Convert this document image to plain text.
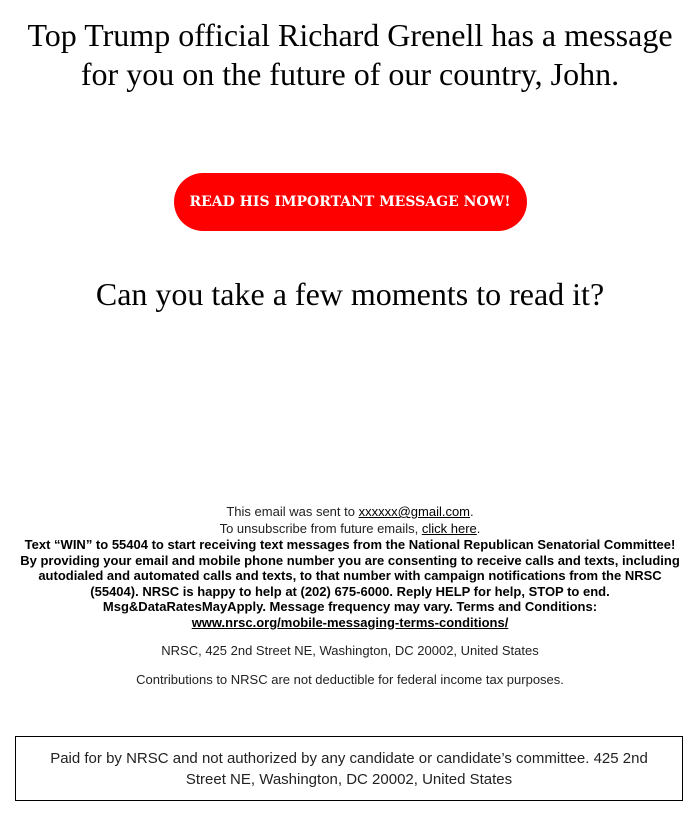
Top Trump official Richard Grenell has a message for you on the future of our country, John.
READ HIS IMPORTANT MESSAGE NOW!
Can you take a few moments to read it?

This email was sent to xxxxxx@gmail.com.

To unsubscribe from future emails, click here.

Text “WIN” to 55404 to start receiving text messages from the National Republican Senatorial Committee! By providing your email and mobile phone number you are consenting to receive calls and texts, including autodialed and automated calls and texts, to that number with campaign notifications from the NRSC (55404). NRSC is happy to help at (202) 675-6000. Reply HELP for help, STOP to end. Msg&DataRatesMayApply. Message frequency may vary. Terms and Conditions:
www.nrsc.org/mobile-messaging-terms-conditions/

NRSC, 425 2nd Street NE, Washington, DC 20002, United States

Contributions to NRSC are not deductible for federal income tax purposes.

Paid for by NRSC and not authorized by any candidate or candidate’s committee. 425 2nd Street NE, Washington, DC 20002, United States
